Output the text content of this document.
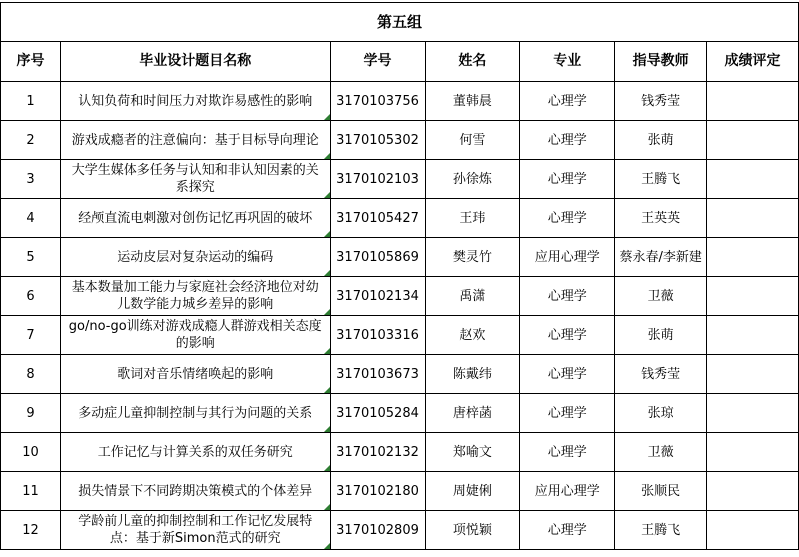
第五组						
序号	毕业设计题目名称	学号	姓名	专业	指导教师	成绩评定
1	认知负荷和时间压力对欺诈易感性的影响	3170103756	董韩晨	心理学	钱秀莹	
2	游戏成瘾者的注意偏向：基于目标导向理论	3170105302	何雪	心理学	张萌	
3	大学生媒体多任务与认知和非认知因素的关系探究	3170102103	孙徐炼	心理学	王腾飞	
4	经颅直流电刺激对创伤记忆再巩固的破坏	3170105427	王玮	心理学	王英英	
5	运动皮层对复杂运动的编码	3170105869	樊灵竹	应用心理学	蔡永春/李新建	
6	基本数量加工能力与家庭社会经济地位对幼儿数学能力城乡差异的影响	3170102134	禹潇	心理学	卫薇	
7	go/no-go训练对游戏成瘾人群游戏相关态度的影响	3170103316	赵欢	心理学	张萌	
8	歌词对音乐情绪唤起的影响	3170103673	陈戴纬	心理学	钱秀莹	
9	多动症儿童抑制控制与其行为问题的关系	3170105284	唐梓菡	心理学	张琼	
10	工作记忆与计算关系的双任务研究	3170102132	郑喻文	心理学	卫薇	
11	损失情景下不同跨期决策模式的个体差异	3170102180	周婕俐	应用心理学	张顺民	
12	学龄前儿童的抑制控制和工作记忆发展特点：基于新Simon范式的研究	3170102809	项悦颖	心理学	王腾飞	
